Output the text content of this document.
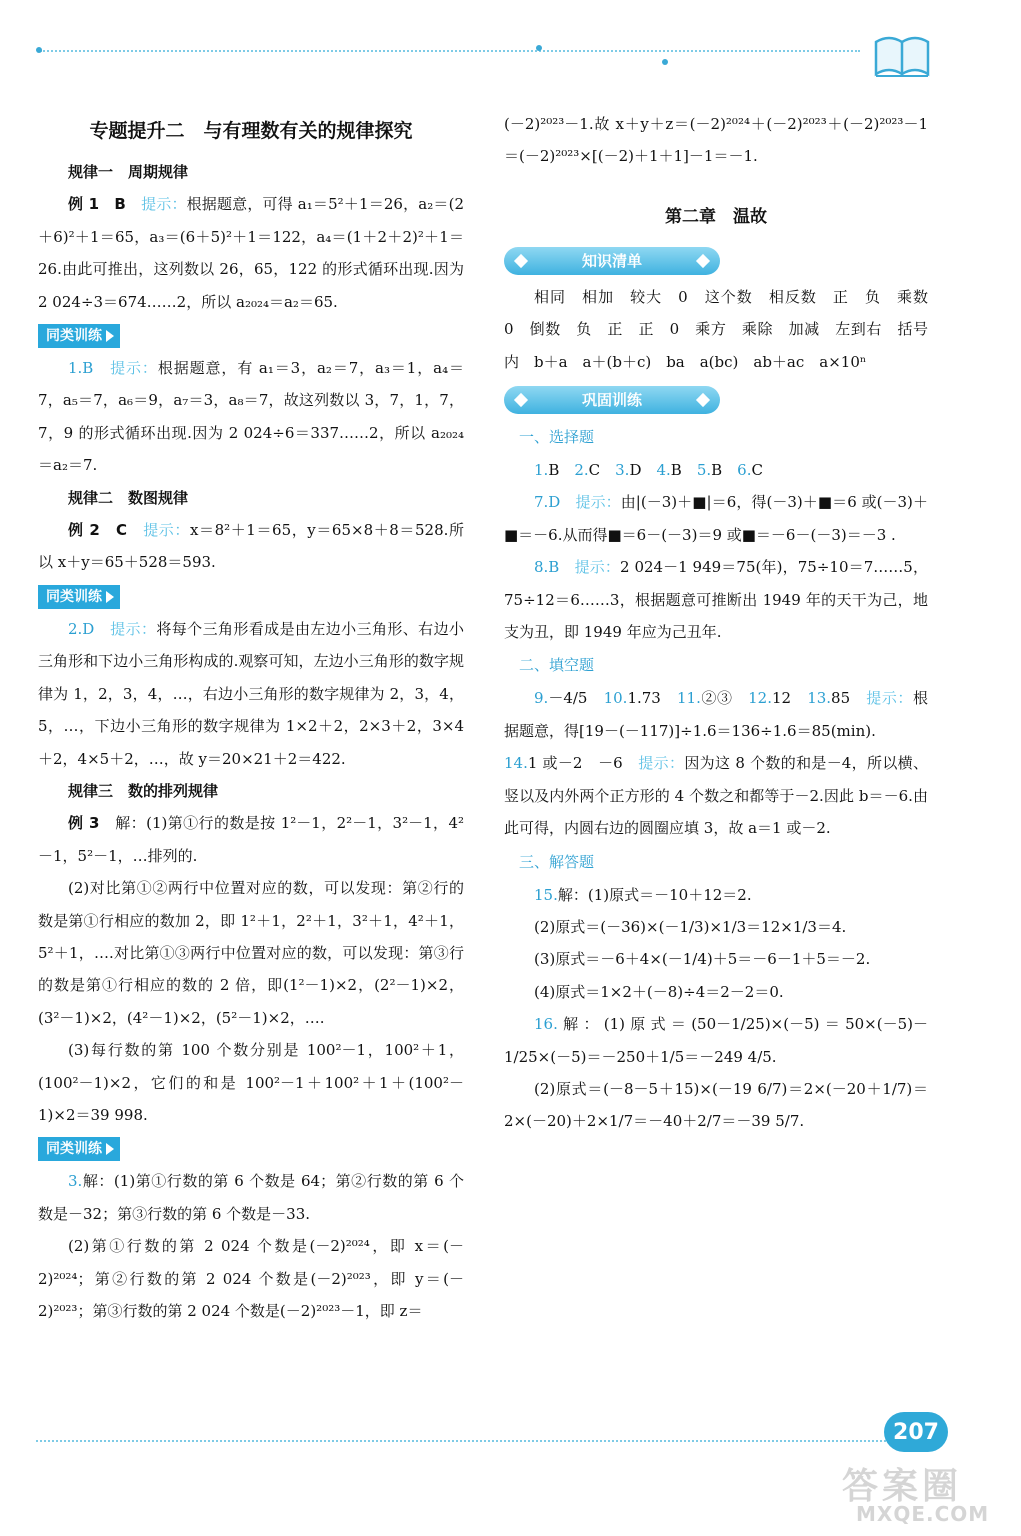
专题提升二　与有理数有关的规律探究
规律一　周期规律

例 1　B　提示：根据题意，可得 a₁＝5²＋1＝26，a₂＝(2＋6)²＋1＝65，a₃＝(6＋5)²＋1＝122，a₄＝(1＋2＋2)²＋1＝26.由此可推出，这列数以 26，65，122 的形式循环出现.因为 2 024÷3＝674……2，所以 a₂₀₂₄＝a₂＝65.

同类训练

1.B　提示：根据题意，有 a₁＝3，a₂＝7，a₃＝1，a₄＝7，a₅＝7，a₆＝9，a₇＝3，a₈＝7，故这列数以 3，7，1，7，7，9 的形式循环出现.因为 2 024÷6＝337……2，所以 a₂₀₂₄＝a₂＝7.

规律二　数图规律

例 2　C　提示：x＝8²＋1＝65，y＝65×8＋8＝528.所以 x＋y＝65＋528＝593.

同类训练

2.D　提示：将每个三角形看成是由左边小三角形、右边小三角形和下边小三角形构成的.观察可知，左边小三角形的数字规律为 1，2，3，4，…，右边小三角形的数字规律为 2，3，4，5，…，下边小三角形的数字规律为 1×2＋2，2×3＋2，3×4＋2，4×5＋2，…，故 y＝20×21＋2＝422.

规律三　数的排列规律

例 3　解：(1)第①行的数是按 1²－1，2²－1，3²－1，4²－1，5²－1，…排列的.

(2)对比第①②两行中位置对应的数，可以发现：第②行的数是第①行相应的数加 2，即 1²＋1，2²＋1，3²＋1，4²＋1，5²＋1，….对比第①③两行中位置对应的数，可以发现：第③行的数是第①行相应的数的 2 倍，即(1²－1)×2，(2²－1)×2，(3²－1)×2，(4²－1)×2，(5²－1)×2，….

(3)每行数的第 100 个数分别是 100²－1，100²＋1，(100²－1)×2，它们的和是 100²－1＋100²＋1＋(100²－1)×2＝39 998.

同类训练

3.解：(1)第①行数的第 6 个数是 64；第②行数的第 6 个数是－32；第③行数的第 6 个数是－33.

(2)第①行数的第 2 024 个数是(－2)²⁰²⁴，即 x＝(－2)²⁰²⁴；第②行数的第 2 024 个数是(－2)²⁰²³，即 y＝(－2)²⁰²³；第③行数的第 2 024 个数是(－2)²⁰²³－1，即 z＝

(－2)²⁰²³－1.故 x＋y＋z＝(－2)²⁰²⁴＋(－2)²⁰²³＋(－2)²⁰²³－1＝(－2)²⁰²³×[(－2)＋1＋1]－1＝－1.

第二章　温故
知识清单

相同　相加　较大　0　这个数　相反数　正　负　乘数　0　倒数　负　正　正　0　乘方　乘除　加减　左到右　括号内　b＋a　a＋(b＋c)　ba　a(bc)　ab＋ac　a×10ⁿ

巩固训练
一、选择题

1.B　2.C　3.D　4.B　5.B　6.C

7.D　提示：由|(－3)＋■|＝6，得(－3)＋■＝6 或(－3)＋■＝－6.从而得■＝6－(－3)＝9 或■＝－6－(－3)＝－3 .

8.B　提示：2 024－1 949＝75(年)，75÷10＝7……5，75÷12＝6……3，根据题意可推断出 1949 年的天干为己，地支为丑，即 1949 年应为己丑年.

二、填空题

9.－4/5　10.1.73　11.②③　12.12　13.85　提示：根据题意，得[19－(－117)]÷1.6＝136÷1.6＝85(min).

14.1 或－2　－6　提示：因为这 8 个数的和是－4，所以横、竖以及内外两个正方形的 4 个数之和都等于－2.因此 b＝－6.由此可得，内圆右边的圆圈应填 3，故 a＝1 或－2.

三、解答题

15.解：(1)原式＝－10＋12＝2.

(2)原式＝(－36)×(－1/3)×1/3＝12×1/3＝4.

(3)原式＝－6＋4×(－1/4)＋5＝－6－1＋5＝－2.

(4)原式＝1×2＋(－8)÷4＝2－2＝0.

16.解：(1)原式＝(50－1/25)×(－5)＝50×(－5)－1/25×(－5)＝－250＋1/5＝－249 4/5.

(2)原式＝(－8－5＋15)×(－19 6/7)＝2×(－20＋1/7)＝2×(－20)＋2×1/7＝－40＋2/7＝－39 5/7.

207
答案圈
MXQE.COM
